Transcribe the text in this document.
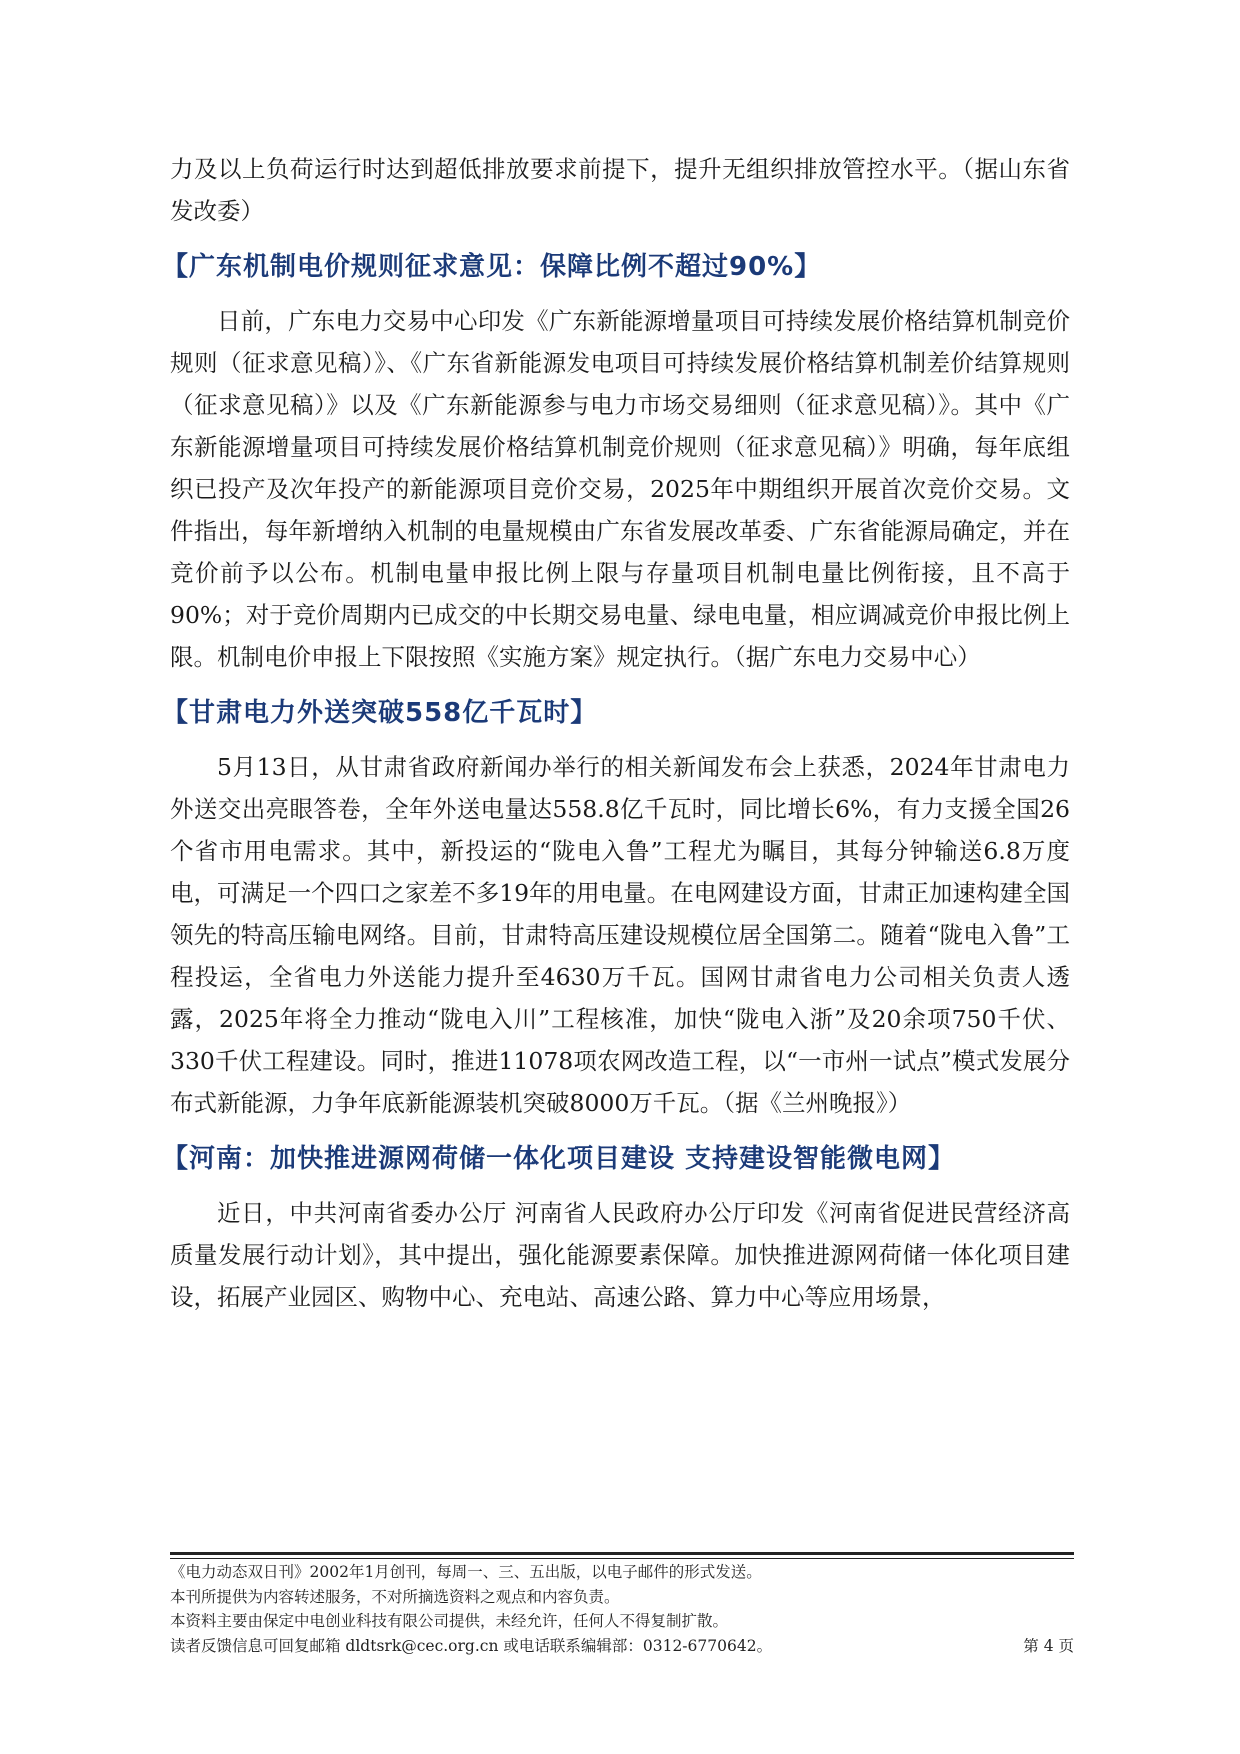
力及以上负荷运行时达到超低排放要求前提下，提升无组织排放管控水平。（据山东省发改委）

【广东机制电价规则征求意见：保障比例不超过90%】

日前，广东电力交易中心印发《广东新能源增量项目可持续发展价格结算机制竞价规则（征求意见稿）》、《广东省新能源发电项目可持续发展价格结算机制差价结算规则（征求意见稿）》以及《广东新能源参与电力市场交易细则（征求意见稿）》。其中《广东新能源增量项目可持续发展价格结算机制竞价规则（征求意见稿）》明确，每年底组织已投产及次年投产的新能源项目竞价交易，2025年中期组织开展首次竞价交易。文件指出，每年新增纳入机制的电量规模由广东省发展改革委、广东省能源局确定，并在竞价前予以公布。机制电量申报比例上限与存量项目机制电量比例衔接，且不高于90%；对于竞价周期内已成交的中长期交易电量、绿电电量，相应调减竞价申报比例上限。机制电价申报上下限按照《实施方案》规定执行。（据广东电力交易中心）

【甘肃电力外送突破558亿千瓦时】

5月13日，从甘肃省政府新闻办举行的相关新闻发布会上获悉，2024年甘肃电力外送交出亮眼答卷，全年外送电量达558.8亿千瓦时，同比增长6%，有力支援全国26个省市用电需求。其中，新投运的“陇电入鲁”工程尤为瞩目，其每分钟输送6.8万度电，可满足一个四口之家差不多19年的用电量。在电网建设方面，甘肃正加速构建全国领先的特高压输电网络。目前，甘肃特高压建设规模位居全国第二。随着“陇电入鲁”工程投运，全省电力外送能力提升至4630万千瓦。国网甘肃省电力公司相关负责人透露，2025年将全力推动“陇电入川”工程核准，加快“陇电入浙”及20余项750千伏、330千伏工程建设。同时，推进11078项农网改造工程，以“一市州一试点”模式发展分布式新能源，力争年底新能源装机突破8000万千瓦。（据《兰州晚报》）

【河南：加快推进源网荷储一体化项目建设 支持建设智能微电网】

近日，中共河南省委办公厅 河南省人民政府办公厅印发《河南省促进民营经济高质量发展行动计划》，其中提出，强化能源要素保障。加快推进源网荷储一体化项目建设，拓展产业园区、购物中心、充电站、高速公路、算力中心等应用场景，

《电力动态双日刊》2002年1月创刊，每周一、三、五出版，以电子邮件的形式发送。
本刊所提供为内容转述服务，不对所摘选资料之观点和内容负责。
本资料主要由保定中电创业科技有限公司提供，未经允许，任何人不得复制扩散。
读者反馈信息可回复邮箱 dldtsrk@cec.org.cn 或电话联系编辑部：0312-6770642。	第 4 页
